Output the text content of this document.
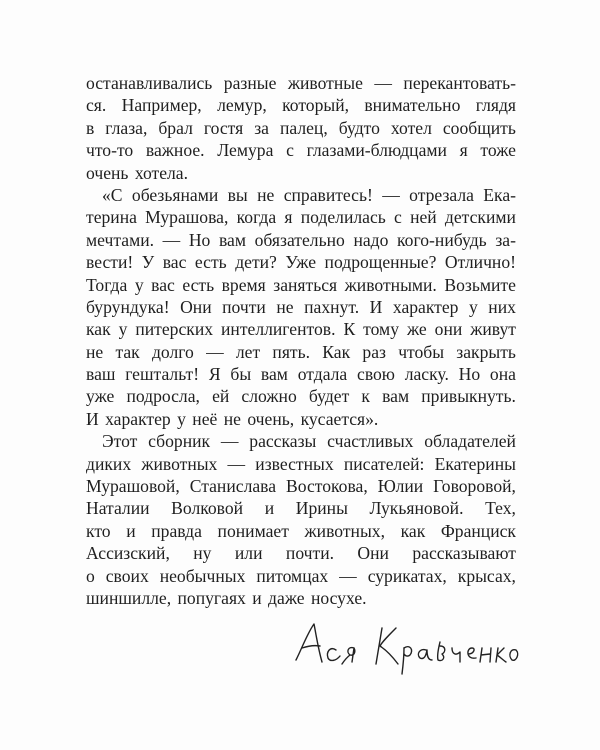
останавливались разные животные — перекантовать-
ся. Например, лемур, который, внимательно глядя
в глаза, брал гостя за палец, будто хотел сообщить
что-то важное. Лемура с глазами-блюдцами я тоже
очень хотела.
«С обезьянами вы не справитесь! — отрезала Ека-
терина Мурашова, когда я поделилась с ней детскими
мечтами. — Но вам обязательно надо кого-нибудь за-
вести! У вас есть дети? Уже подрощенные? Отлично!
Тогда у вас есть время заняться животными. Возьмите
бурундука! Они почти не пахнут. И характер у них
как у питерских интеллигентов. К тому же они живут
не так долго — лет пять. Как раз чтобы закрыть
ваш гештальт! Я бы вам отдала свою ласку. Но она
уже подросла, ей сложно будет к вам привыкнуть.
И характер у неё не очень, кусается».
Этот сборник — рассказы счастливых обладателей
диких животных — известных писателей: Екатерины
Мурашовой, Станислава Востокова, Юлии Говоровой,
Наталии Волковой и Ирины Лукьяновой. Тех,
кто и правда понимает животных, как Франциск
Ассизский, ну или почти. Они рассказывают
о своих необычных питомцах — сурикатах, крысах,
шиншилле, попугаях и даже носухе.
